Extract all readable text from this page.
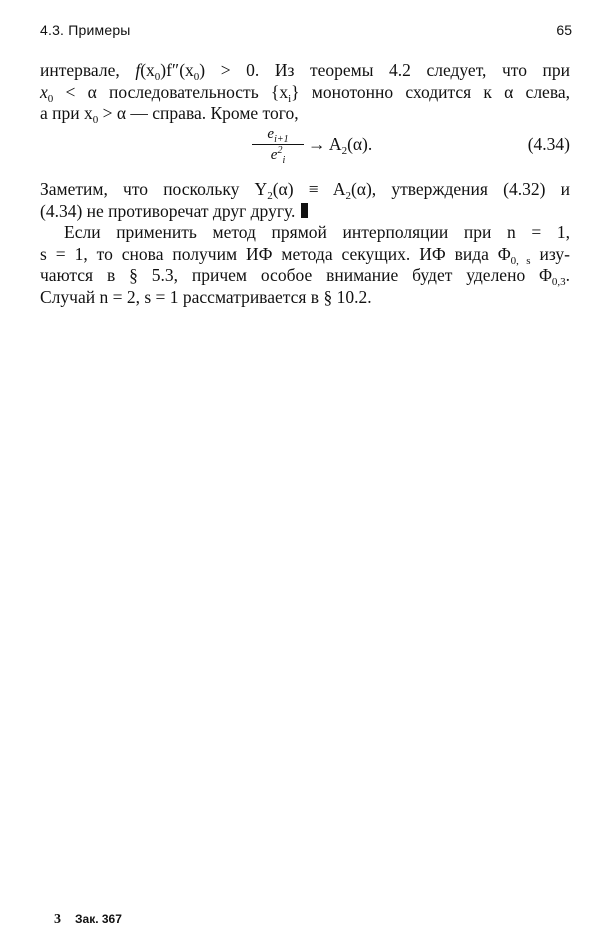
4.3. Примеры	65
интервале, $f(x_0)f''(x_0) > 0$. Из теоремы 4.2 следует, что при
$x_0 < \alpha$ последовательность $\{x_i\}$ монотонно сходится к α слева,
а при $x_0 > \alpha$ — справа. Кроме того,
$\frac{e_{i+1}}{e^2_i} \to A_2(\alpha)$.	(4.34)
Заметим, что поскольку $Y_2(\alpha) \equiv A_2(\alpha)$, утверждения (4.32) и
(4.34) не противоречат друг другу.
Если применить метод прямой интерполяции при n = 1,
s = 1, то снова получим ИФ метода секущих. ИФ вида $\Phi_{0, s}$ изу-
чаются в § 5.3, причем особое внимание будет уделено $\Phi_{0,3}$.
Случай n = 2, s = 1 рассматривается в § 10.2.
3 Зак. 367
